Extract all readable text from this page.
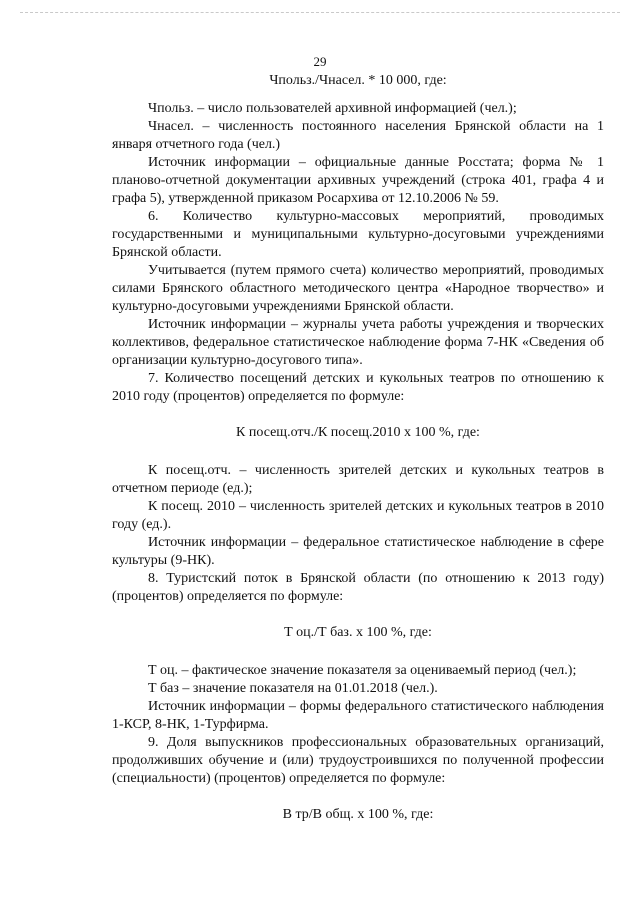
29

Чпольз./Чнасел. * 10 000, где:

Чпольз. – число пользователей архивной информацией (чел.);

Чнасел. – численность постоянного населения Брянской области на 1 января отчетного года (чел.)

Источник информации – официальные данные Росстата; форма № 1 планово-отчетной документации архивных учреждений (строка 401, графа 4 и графа 5), утвержденной приказом Росархива от 12.10.2006 № 59.

6. Количество культурно-массовых мероприятий, проводимых государственными и муниципальными культурно-досуговыми учреждениями Брянской области.

Учитывается (путем прямого счета) количество мероприятий, проводимых силами Брянского областного методического центра «Народное творчество» и культурно-досуговыми учреждениями Брянской области.

Источник информации – журналы учета работы учреждения и творческих коллективов, федеральное статистическое наблюдение форма 7-НК «Сведения об организации культурно-досугового типа».

7. Количество посещений детских и кукольных театров по отношению к 2010 году (процентов) определяется по формуле:

К посещ.отч./К посещ.2010 х 100 %, где:

К посещ.отч. – численность зрителей детских и кукольных театров в отчетном периоде (ед.);

К посещ. 2010 – численность зрителей детских и кукольных театров в 2010 году (ед.).

Источник информации – федеральное статистическое наблюдение в сфере культуры (9-НК).

8. Туристский поток в Брянской области (по отношению к 2013 году) (процентов) определяется по формуле:

Т оц./Т баз. х 100 %, где:

Т оц. – фактическое значение показателя за оцениваемый период (чел.);

Т баз – значение показателя на 01.01.2018 (чел.).

Источник информации – формы федерального статистического наблюдения 1-КСР, 8-НК, 1-Турфирма.

9. Доля выпускников профессиональных образовательных организаций, продолживших обучение и (или) трудоустроившихся по полученной профессии (специальности) (процентов) определяется по формуле:

В тр/В общ. х 100 %, где:
